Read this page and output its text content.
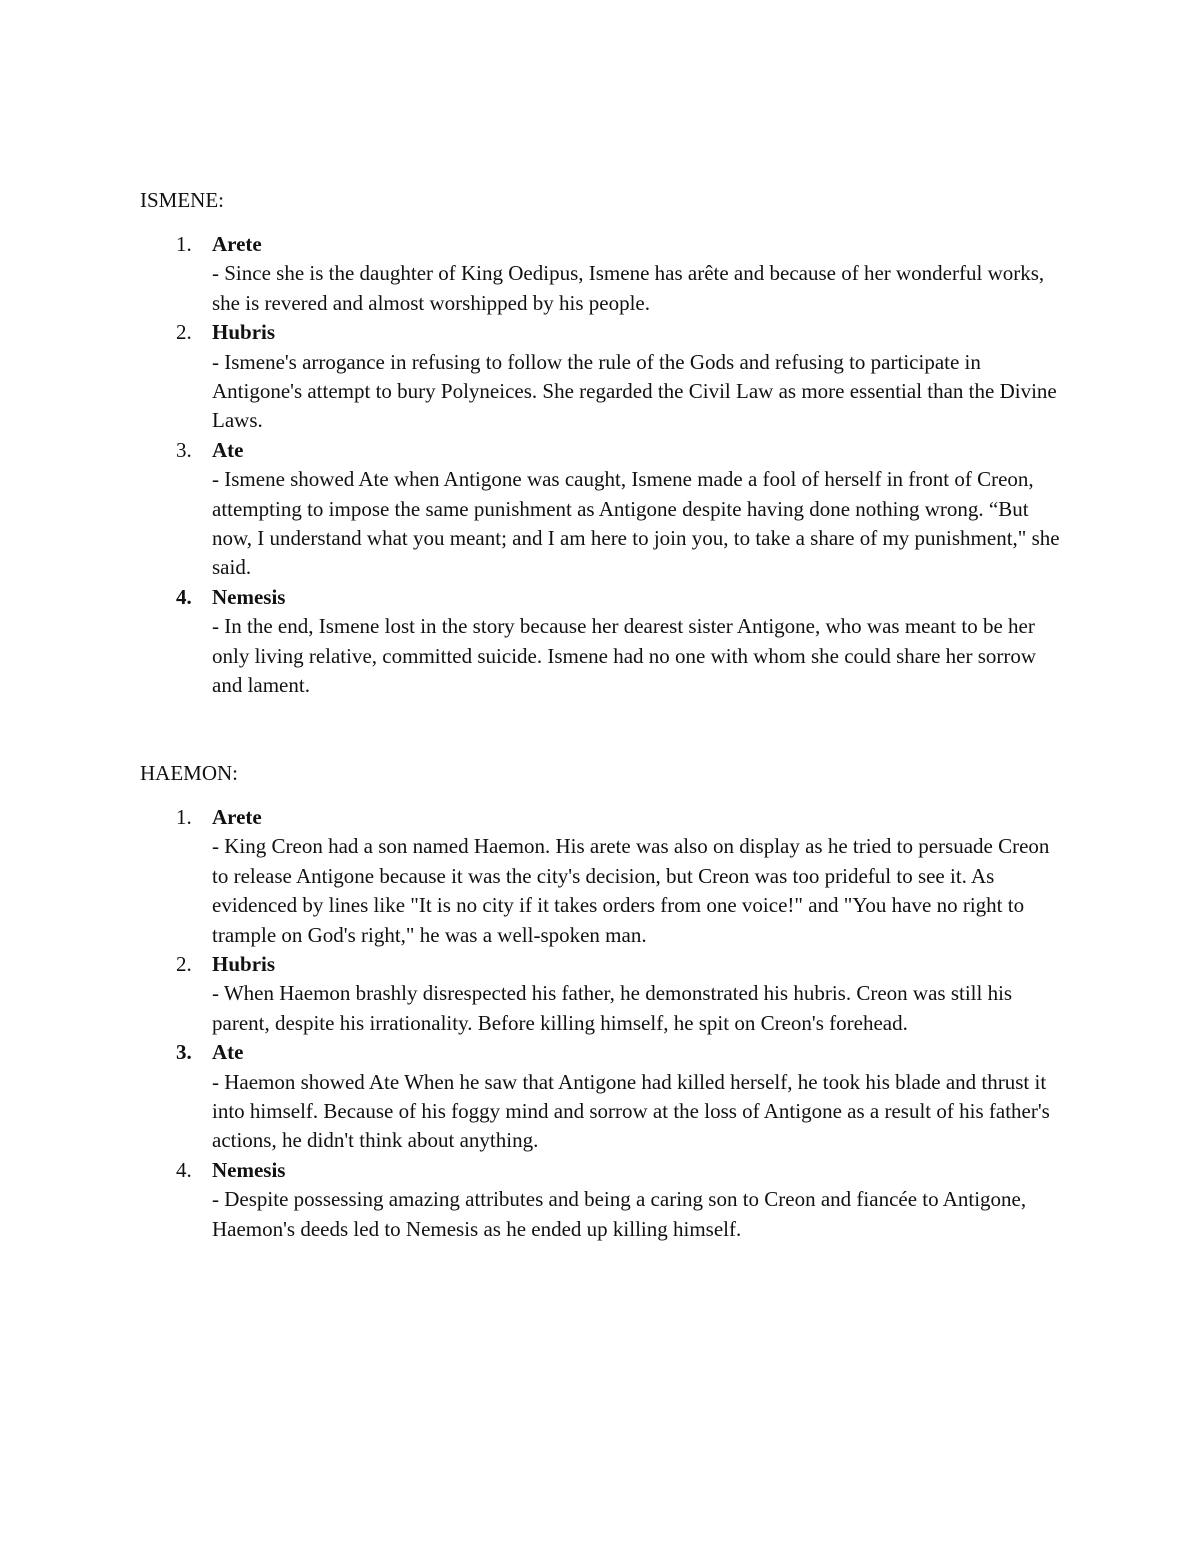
ISMENE:
1. Arete
- Since she is the daughter of King Oedipus, Ismene has arête and because of her wonderful works, she is revered and almost worshipped by his people.
2. Hubris
- Ismene's arrogance in refusing to follow the rule of the Gods and refusing to participate in Antigone's attempt to bury Polyneices. She regarded the Civil Law as more essential than the Divine Laws.
3. Ate
- Ismene showed Ate when Antigone was caught, Ismene made a fool of herself in front of Creon, attempting to impose the same punishment as Antigone despite having done nothing wrong. “But now, I understand what you meant; and I am here to join you, to take a share of my punishment," she said.
4. Nemesis
- In the end, Ismene lost in the story because her dearest sister Antigone, who was meant to be her only living relative, committed suicide. Ismene had no one with whom she could share her sorrow and lament.
HAEMON:
1. Arete
- King Creon had a son named Haemon. His arete was also on display as he tried to persuade Creon to release Antigone because it was the city's decision, but Creon was too prideful to see it. As evidenced by lines like "It is no city if it takes orders from one voice!" and "You have no right to trample on God's right," he was a well-spoken man.
2. Hubris
- When Haemon brashly disrespected his father, he demonstrated his hubris. Creon was still his parent, despite his irrationality. Before killing himself, he spit on Creon's forehead.
3. Ate
- Haemon showed Ate When he saw that Antigone had killed herself, he took his blade and thrust it into himself. Because of his foggy mind and sorrow at the loss of Antigone as a result of his father's actions, he didn't think about anything.
4. Nemesis
- Despite possessing amazing attributes and being a caring son to Creon and fiancée to Antigone, Haemon's deeds led to Nemesis as he ended up killing himself.
